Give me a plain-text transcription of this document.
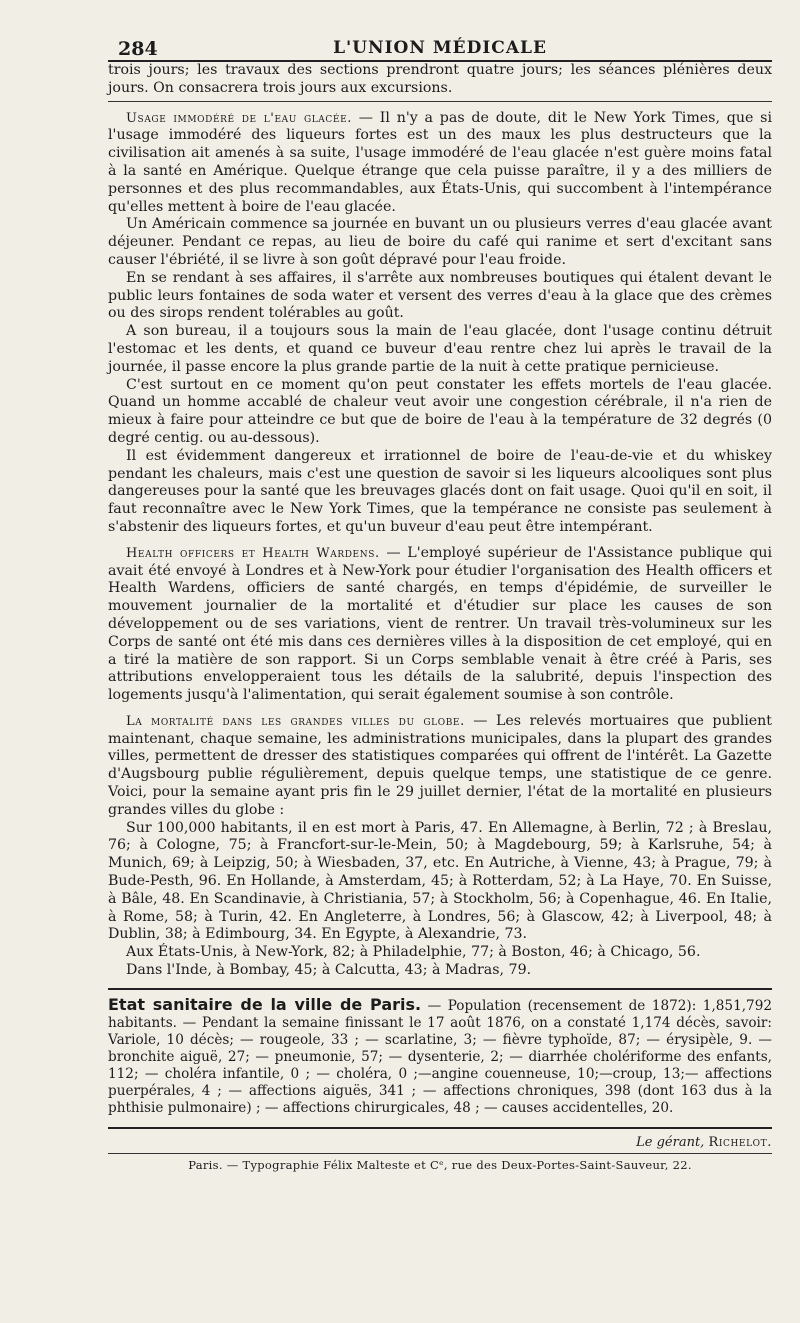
284	L'UNION MÉDICALE

trois jours; les travaux des sections prendront quatre jours; les séances plénières deux jours. On consacrera trois jours aux excursions.

Usage immodéré de l'eau glacée. — Il n'y a pas de doute, dit le New York Times, que si l'usage immodéré des liqueurs fortes est un des maux les plus destructeurs que la civilisation ait amenés à sa suite, l'usage immodéré de l'eau glacée n'est guère moins fatal à la santé en Amérique. Quelque étrange que cela puisse paraître, il y a des milliers de personnes et des plus recommandables, aux États-Unis, qui succombent à l'intempérance qu'elles mettent à boire de l'eau glacée.

Un Américain commence sa journée en buvant un ou plusieurs verres d'eau glacée avant déjeuner. Pendant ce repas, au lieu de boire du café qui ranime et sert d'excitant sans causer l'ébriété, il se livre à son goût dépravé pour l'eau froide.

En se rendant à ses affaires, il s'arrête aux nombreuses boutiques qui étalent devant le public leurs fontaines de soda water et versent des verres d'eau à la glace que des crèmes ou des sirops rendent tolérables au goût.

A son bureau, il a toujours sous la main de l'eau glacée, dont l'usage continu détruit l'estomac et les dents, et quand ce buveur d'eau rentre chez lui après le travail de la journée, il passe encore la plus grande partie de la nuit à cette pratique pernicieuse.

C'est surtout en ce moment qu'on peut constater les effets mortels de l'eau glacée. Quand un homme accablé de chaleur veut avoir une congestion cérébrale, il n'a rien de mieux à faire pour atteindre ce but que de boire de l'eau à la température de 32 degrés (0 degré centig. ou au-dessous).

Il est évidemment dangereux et irrationnel de boire de l'eau-de-vie et du whiskey pendant les chaleurs, mais c'est une question de savoir si les liqueurs alcooliques sont plus dangereuses pour la santé que les breuvages glacés dont on fait usage. Quoi qu'il en soit, il faut reconnaître avec le New York Times, que la tempérance ne consiste pas seulement à s'abstenir des liqueurs fortes, et qu'un buveur d'eau peut être intempérant.

Health officers et Health Wardens. — L'employé supérieur de l'Assistance publique qui avait été envoyé à Londres et à New-York pour étudier l'organisation des Health officers et Health Wardens, officiers de santé chargés, en temps d'épidémie, de surveiller le mouvement journalier de la mortalité et d'étudier sur place les causes de son développement ou de ses variations, vient de rentrer. Un travail très-volumineux sur les Corps de santé ont été mis dans ces dernières villes à la disposition de cet employé, qui en a tiré la matière de son rapport. Si un Corps semblable venait à être créé à Paris, ses attributions envelopperaient tous les détails de la salubrité, depuis l'inspection des logements jusqu'à l'alimentation, qui serait également soumise à son contrôle.

La mortalité dans les grandes villes du globe. — Les relevés mortuaires que publient maintenant, chaque semaine, les administrations municipales, dans la plupart des grandes villes, permettent de dresser des statistiques comparées qui offrent de l'intérêt. La Gazette d'Augsbourg publie régulièrement, depuis quelque temps, une statistique de ce genre. Voici, pour la semaine ayant pris fin le 29 juillet dernier, l'état de la mortalité en plusieurs grandes villes du globe :

Sur 100,000 habitants, il en est mort à Paris, 47. En Allemagne, à Berlin, 72 ; à Breslau, 76; à Cologne, 75; à Francfort-sur-le-Mein, 50; à Magdebourg, 59; à Karlsruhe, 54; à Munich, 69; à Leipzig, 50; à Wiesbaden, 37, etc. En Autriche, à Vienne, 43; à Prague, 79; à Bude-Pesth, 96. En Hollande, à Amsterdam, 45; à Rotterdam, 52; à La Haye, 70. En Suisse, à Bâle, 48. En Scandinavie, à Christiania, 57; à Stockholm, 56; à Copenhague, 46. En Italie, à Rome, 58; à Turin, 42. En Angleterre, à Londres, 56; à Glascow, 42; à Liverpool, 48; à Dublin, 38; à Edimbourg, 34. En Egypte, à Alexandrie, 73.

Aux États-Unis, à New-York, 82; à Philadelphie, 77; à Boston, 46; à Chicago, 56.

Dans l'Inde, à Bombay, 45; à Calcutta, 43; à Madras, 79.

Etat sanitaire de la ville de Paris. — Population (recensement de 1872): 1,851,792 habitants. — Pendant la semaine finissant le 17 août 1876, on a constaté 1,174 décès, savoir: Variole, 10 décès; — rougeole, 33 ; — scarlatine, 3; — fièvre typhoïde, 87; — érysipèle, 9. — bronchite aiguë, 27; — pneumonie, 57; — dysenterie, 2; — diarrhée cholériforme des enfants, 112; — choléra infantile, 0 ; — choléra, 0 ;—angine couenneuse, 10;—croup, 13;— affections puerpérales, 4 ; — affections aiguës, 341 ; — affections chroniques, 398 (dont 163 dus à la phthisie pulmonaire) ; — affections chirurgicales, 48 ; — causes accidentelles, 20.
Le gérant, Richelot.
Paris. — Typographie Félix Malteste et Cᵉ, rue des Deux-Portes-Saint-Sauveur, 22.
